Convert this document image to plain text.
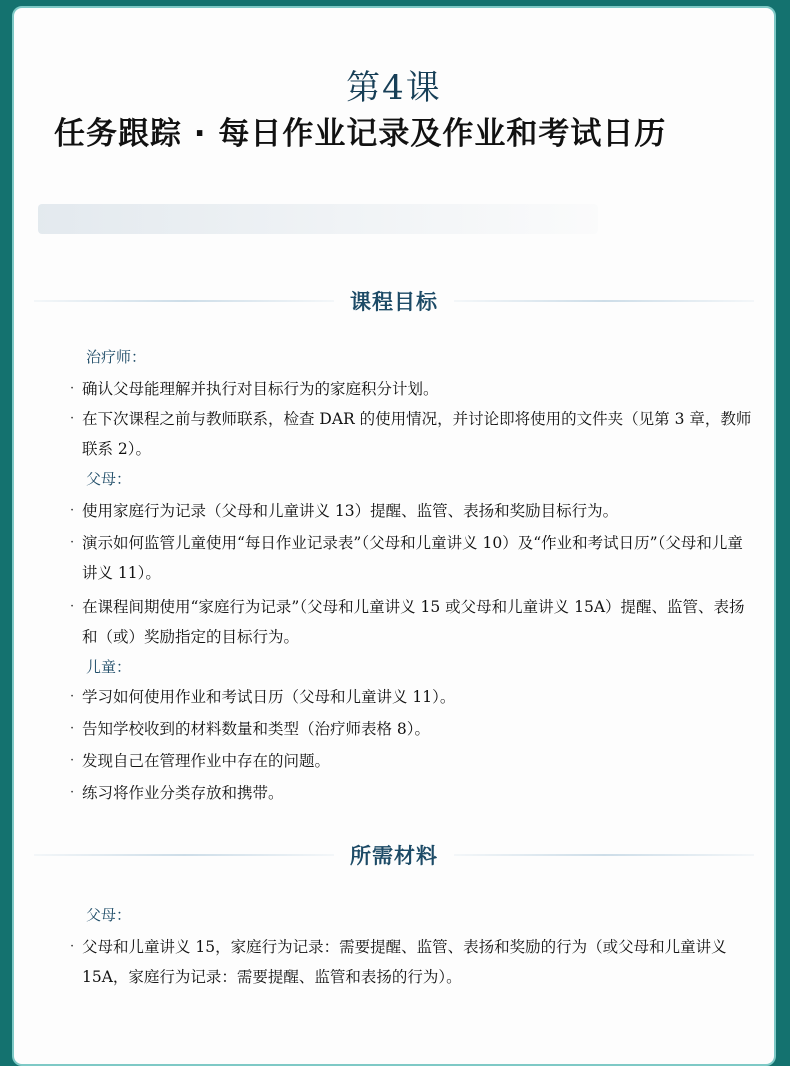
第4课
任务跟踪 · 每日作业记录及作业和考试日历
课程目标
治疗师：
· 确认父母能理解并执行对目标行为的家庭积分计划。
· 在下次课程之前与教师联系，检查 DAR 的使用情况，并讨论即将使用的文件夹（见第 3 章，教师联系 2）。
父母：
· 使用家庭行为记录（父母和儿童讲义 13）提醒、监管、表扬和奖励目标行为。
· 演示如何监管儿童使用“每日作业记录表”（父母和儿童讲义 10）及“作业和考试日历”（父母和儿童讲义 11）。
· 在课程间期使用“家庭行为记录”（父母和儿童讲义 15 或父母和儿童讲义 15A）提醒、监管、表扬和（或）奖励指定的目标行为。
儿童：
· 学习如何使用作业和考试日历（父母和儿童讲义 11）。
· 告知学校收到的材料数量和类型（治疗师表格 8）。
· 发现自己在管理作业中存在的问题。
· 练习将作业分类存放和携带。
所需材料
父母：
· 父母和儿童讲义 15，家庭行为记录：需要提醒、监管、表扬和奖励的行为（或父母和儿童讲义 15A，家庭行为记录：需要提醒、监管和表扬的行为）。
